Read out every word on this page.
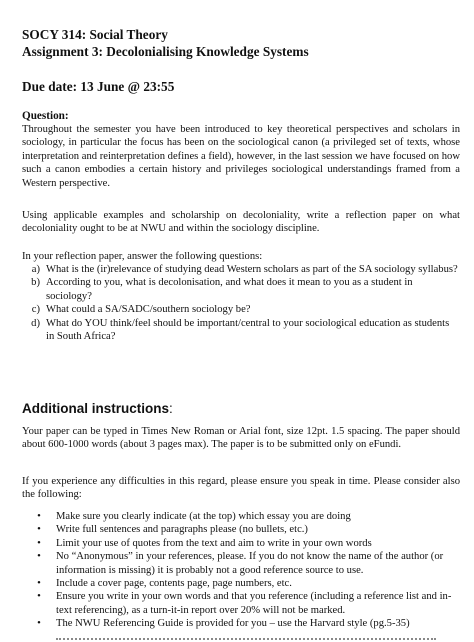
SOCY 314: Social Theory
Assignment 3: Decolonialising Knowledge Systems
Due date: 13 June @ 23:55
Question:
Throughout the semester you have been introduced to key theoretical perspectives and scholars in sociology, in particular the focus has been on the sociological canon (a privileged set of texts, whose interpretation and reinterpretation defines a field), however, in the last session we have focused on how such a canon embodies a certain history and privileges sociological understandings framed from a Western perspective.
Using applicable examples and scholarship on decoloniality, write a reflection paper on what decoloniality ought to be at NWU and within the sociology discipline.
In your reflection paper, answer the following questions:
a) What is the (ir)relevance of studying dead Western scholars as part of the SA sociology syllabus?
b) According to you, what is decolonisation, and what does it mean to you as a student in sociology?
c) What could a SA/SADC/southern sociology be?
d) What do YOU think/feel should be important/central to your sociological education as students in South Africa?
Additional instructions:
Your paper can be typed in Times New Roman or Arial font, size 12pt. 1.5 spacing. The paper should about 600-1000 words (about 3 pages max). The paper is to be submitted only on eFundi.
If you experience any difficulties in this regard, please ensure you speak in time. Please consider also the following:
•	Make sure you clearly indicate (at the top) which essay you are doing
•	Write full sentences and paragraphs please (no bullets, etc.)
•	Limit your use of quotes from the text and aim to write in your own words
•	No “Anonymous” in your references, please. If you do not know the name of the author (or information is missing) it is probably not a good reference source to use.
•	Include a cover page, contents page, page numbers, etc.
•	Ensure you write in your own words and that you reference (including a reference list and in-text referencing), as a turn-it-in report over 20% will not be marked.
•	The NWU Referencing Guide is provided for you – use the Harvard style (pg.5-35)
